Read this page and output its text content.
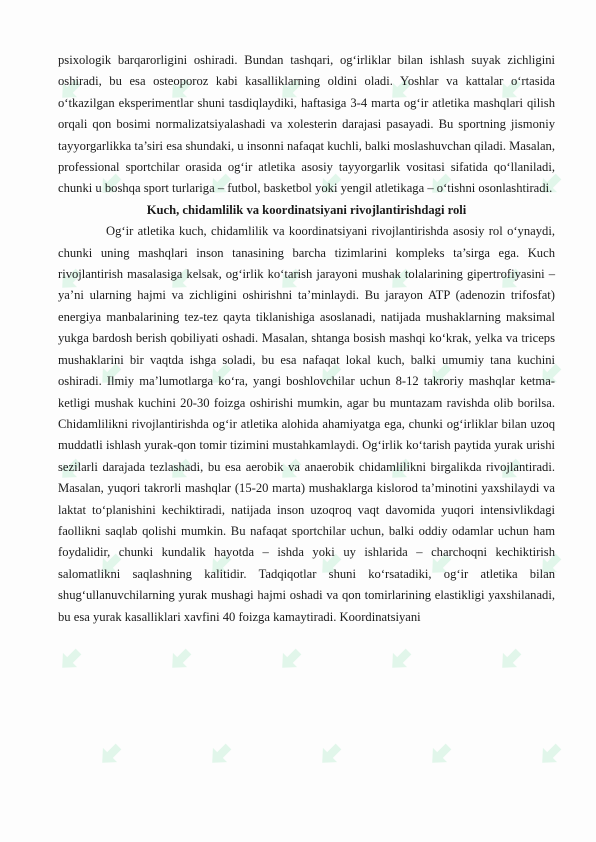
psixologik barqarorligini oshiradi. Bundan tashqari, og‘irliklar bilan ishlash suyak zichligini oshiradi, bu esa osteoporoz kabi kasalliklarning oldini oladi. Yoshlar va kattalar o‘rtasida o‘tkazilgan eksperimentlar shuni tasdiqlaydiki, haftasiga 3-4 marta og‘ir atletika mashqlari qilish orqali qon bosimi normalizatsiyalashadi va xolesterin darajasi pasayadi. Bu sportning jismoniy tayyorgarlikka ta’siri esa shundaki, u insonni nafaqat kuchli, balki moslashuvchan qiladi. Masalan, professional sportchilar orasida og‘ir atletika asosiy tayyorgarlik vositasi sifatida qo‘llaniladi, chunki u boshqa sport turlariga – futbol, basketbol yoki yengil atletikaga – o‘tishni osonlashtiradi.

Kuch, chidamlilik va koordinatsiyani rivojlantirishdagi roli

Og‘ir atletika kuch, chidamlilik va koordinatsiyani rivojlantirishda asosiy rol o‘ynaydi, chunki uning mashqlari inson tanasining barcha tizimlarini kompleks ta’sirga ega. Kuch rivojlantirish masalasiga kelsak, og‘irlik ko‘tarish jarayoni mushak tolalarining gipertrofiyasini – ya’ni ularning hajmi va zichligini oshirishni ta’minlaydi. Bu jarayon ATP (adenozin trifosfat) energiya manbalarining tez-tez qayta tiklanishiga asoslanadi, natijada mushaklarning maksimal yukga bardosh berish qobiliyati oshadi. Masalan, shtanga bosish mashqi ko‘krak, yelka va triceps mushaklarini bir vaqtda ishga soladi, bu esa nafaqat lokal kuch, balki umumiy tana kuchini oshiradi. Ilmiy ma’lumotlarga ko‘ra, yangi boshlovchilar uchun 8-12 takroriy mashqlar ketma-ketligi mushak kuchini 20-30 foizga oshirishi mumkin, agar bu muntazam ravishda olib borilsa. Chidamlilikni rivojlantirishda og‘ir atletika alohida ahamiyatga ega, chunki og‘irliklar bilan uzoq muddatli ishlash yurak-qon tomir tizimini mustahkamlaydi. Og‘irlik ko‘tarish paytida yurak urishi sezilarli darajada tezlashadi, bu esa aerobik va anaerobik chidamlilikni birgalikda rivojlantiradi. Masalan, yuqori takrorli mashqlar (15-20 marta) mushaklarga kislorod ta’minotini yaxshilaydi va laktat to‘planishini kechiktiradi, natijada inson uzoqroq vaqt davomida yuqori intensivlikdagi faollikni saqlab qolishi mumkin. Bu nafaqat sportchilar uchun, balki oddiy odamlar uchun ham foydalidir, chunki kundalik hayotda – ishda yoki uy ishlarida – charchoqni kechiktirish salomatlikni saqlashning kalitidir. Tadqiqotlar shuni ko‘rsatadiki, og‘ir atletika bilan shug‘ullanuvchilarning yurak mushagi hajmi oshadi va qon tomirlarining elastikligi yaxshilanadi, bu esa yurak kasalliklari xavfini 40 foizga kamaytiradi. Koordinatsiyani
